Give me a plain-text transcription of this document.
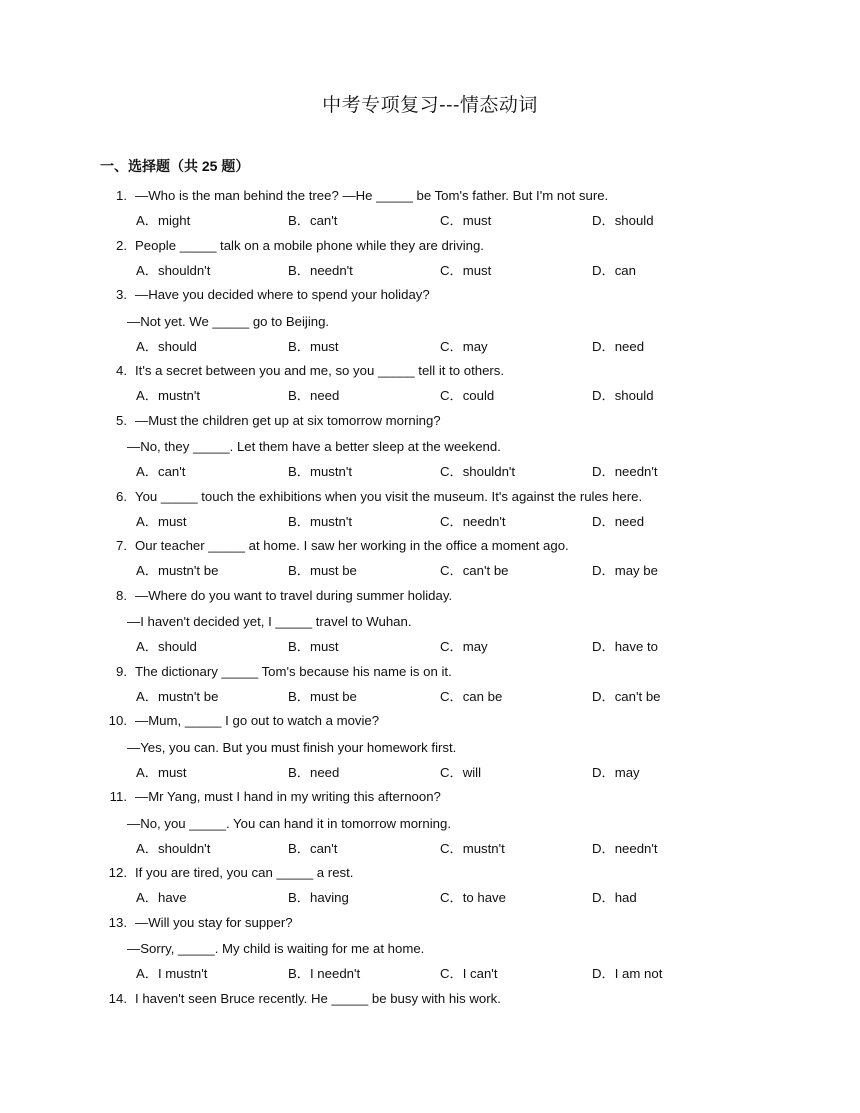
中考专项复习---情态动词
一、选择题（共 25 题）
1. —Who is the man behind the tree? —He _____ be Tom's father. But I'm not sure.
A．might	B．can't	C．must	D．should
2. People _____ talk on a mobile phone while they are driving.
A．shouldn't	B．needn't	C．must	D．can
3. —Have you decided where to spend your holiday?
—Not yet. We _____ go to Beijing.
A．should	B．must	C．may	D．need
4. It's a secret between you and me, so you _____ tell it to others.
A．mustn't	B．need	C．could	D．should
5. —Must the children get up at six tomorrow morning?
—No, they _____. Let them have a better sleep at the weekend.
A．can't	B．mustn't	C．shouldn't	D．needn't
6. You _____ touch the exhibitions when you visit the museum. It's against the rules here.
A．must	B．mustn't	C．needn't	D．need
7. Our teacher _____ at home. I saw her working in the office a moment ago.
A．mustn't be	B．must be	C．can't be	D．may be
8. —Where do you want to travel during summer holiday.
—I haven't decided yet, I _____ travel to Wuhan.
A．should	B．must	C．may	D．have to
9. The dictionary _____ Tom's because his name is on it.
A．mustn't be	B．must be	C．can be	D．can't be
10. —Mum, _____ I go out to watch a movie?
—Yes, you can. But you must finish your homework first.
A．must	B．need	C．will	D．may
11. —Mr Yang, must I hand in my writing this afternoon?
—No, you _____. You can hand it in tomorrow morning.
A．shouldn't	B．can't	C．mustn't	D．needn't
12. If you are tired, you can _____ a rest.
A．have	B．having	C．to have	D．had
13. —Will you stay for supper?
—Sorry, _____. My child is waiting for me at home.
A．I mustn't	B．I needn't	C．I can't	D．I am not
14. I haven't seen Bruce recently. He _____ be busy with his work.
